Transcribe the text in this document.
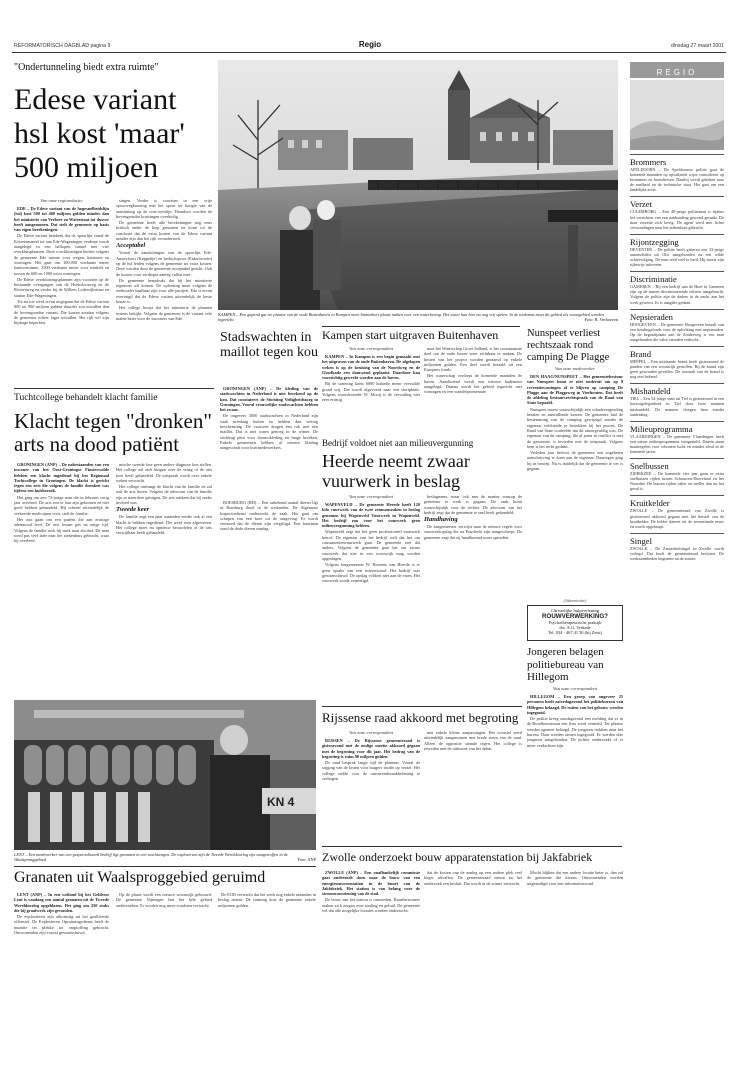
REFORMATORISCH DAGBLAD pagina 9	Regio	dinsdag 27 maart 2001
"Ondertunneling biedt extra ruimte"
Edese variant
hsl kost 'maar'
500 miljoen
Van onze regioredactie

EDE – De Edese variant van de hogesnelheidslijn (hsl) kost 500 tot 400 miljoen gulden minder dan het ministerie van Verkeer en Waterstaat tot dusver heeft aangenomen. Dat stelt de gemeente op basis van eigen berekeningen.

De Edese variant betekent dat de spoorlijn vanaf de Keizersmantel tot aan Ede-Wageningen verdiept wordt aangelegd in een halfopen tunnel met vier overkluisplaatsen. Deze overkluizingen bieden volgens de gemeente Ede ruimte voor wegen, kantoren en woningen. Het gaat om 100.000 vierkante meter kantoorruimte, 2500 vierkante meter voor winkels en tussen de 600 en 1000 extra woningen.

De Edese overkluizingsplannen zijn voorzien op de bestaande overgangen van de Hoekslootweg en de Rivieraweg en verder bij de Willem Lodewijkstraat en station Ede-Wageningen.

Tot nu toe werd ervan uitgegaan dat de Edese variant 800 tot 900 miljoen gulden duurder zou uitvallen dan de bovengrondse variant. Die kosten zouden volgens de gemeente echter lager uitvallen. Het rijk wil zijn bijdrage beperken.

singen. Verder is voorzien in een vrije spoorwegkruising met het spoor ter hoogte van de aansluiting op de oost-westlijn. Daardoor worden de bovengrondse kruisingen overbodig.

De gemeente heeft alle berekeningen nog eens kritisch onder de loep genomen en komt tot de conclusie dat de extra kosten van de Edese variant minder zijn dan het rijk veronderstelt.

Acceptabel

Vooral de aansluitingen van de spoorlijn Ede-Amersfoort (Keppeltje) en bedrijfsspoor (Enka-terrein) op de hsl leiden volgens de gemeente tot extra kosten. Deze worden door de gemeente acceptabel geacht. Ook de kosten voor verdiepte aanleg vallen mee.

De gemeente benadrukt dat hij het ministerie tegemoet wil komen. De oplossing moet volgens de wethouder haalbaar zijn voor alle partijen. Ede is ervan overtuigd dat de Edese variant uiteindelijk de beste keuze is.

Het college hoopt dat het ministerie de plannen serieus bekijkt. Volgens de gemeente is de variant vele malen beter voor de inwoners van Ede.

KAMPEN – Een gapend gat ter plaatse van de oude Buitenhaven in Kampen moet binnenkort plaats maken voor een waterkering. Het water kan hier nu nog vrij spelen. In de toekomst moet dit gebied als woongebied worden ingericht.	Foto: R. Verhoeven
Stadswachten in maillot tegen kou

GRONINGEN (ANP) – De kleding van de stadswachten in Nederland is niet berekend op de kou. Dat constateert de Stichting Veiligheidszorg in Groningen. Vooral vrouwelijke stadswachten hebben het zwaar.

De ongeveer 3000 stadswachten in Nederland zijn vaak urenlang buiten en hebben dan weinig bescherming. De vrouwen dragen een rok met een maillot. Dat is niet warm genoeg in de winter. De stichting pleit voor thermokleding en lange broeken. Enkele gemeenten hebben al nieuwe kleding aangeschaft voor hun medewerkers.

Kampen start uitgraven Buitenhaven
Van onze correspondent

KAMPEN – In Kampen is een begin gemaakt met het uitgraven van de oude Buitenhaven. De afgelopen weken is op de kruising van de Noordweg en de IJsselkade een damwand geplaatst. Daardoor kan voorzichtig gewerkt worden aan de haven.

Bij de sanering komt 6000 kubieke meter vervuilde grond vrij. Die wordt afgevoerd naar een stortplaats. Volgens woordvoerder W. Mooij is de vervuiling niet zeer ernstig.

naar het Waterschap Groot Salland, is het voornaamste doel om de oude haven weer zichtbaar te maken. De kosten van het project worden geraamd op enkele miljoenen gulden. Een deel wordt betaald uit een Europees fonds.

Het waterschap verdiept de komende maanden de haven. Aansluitend wordt een nieuwe kademuur aangelegd. Daarna wordt het gebied ingericht met woningen en een wandelpromenade.

Nunspeet verliest rechtszaak rond camping De Plagge
Van onze medewerker

DEN HAAG/NUNSPEET – Het gemeentebestuur van Nunspeet komt er niet onderuit om op 9 recreatiewoningen af te blijven op camping De Plagge aan de Plaggeweg in Vierhouten. Dat heeft de afdeling bestuursrechtspraak van de Raad van State bepaald.

Nunspeet moest waarschijnlijk een schadevergoeding betalen en aanvullende kosten. De gemeente had de bestemming van de camping gewijzigd zonder de eigenaar voldoende te betrekken bij het proces. De Raad van State oordeelde dat dit onzorgvuldig was. De eigenaar van de camping, die al jaren in conflict is met de gemeente, is tevreden met de uitspraak. Volgens hem is het recht gedaan.

Verleden jaar besloot de gemeente een zogeheten aanschrijving te doen aan de eigenaar. Daartegen ging hij in beroep. Nu is duidelijk dat de gemeente te ver is gegaan.

(Advertentie)
Christelijke hulpverlening
ROUWVERWERKING?
Psychotherapeutische praktijk
drs. A.G. Verkade
Tel. 034 - 467 41 30 (bij Zeist)
Jongeren belagen politiebureau van Hillegom
Van onze correspondent

HILLEGOM – Een groep van ongeveer 25 personen heeft zaterdagavond het politiebureau van Hillegom belaagd. De ruiten van het gebouw werden ingegooid.

De politie kreeg zondagavond een melding dat er in de Rondhoeststraat een fiets werd vernield. Ter plaatse werden agenten belaagd. De jongeren trokken naar het bureau. Daar werden ramen ingegooid. Er werden drie jongeren aangehouden. De politie onderzoekt of er meer verdachten zijn.

Tuchtcollege behandelt klacht familie
Klacht tegen "dronken"
arts na dood patiënt

GRONINGEN (ANP) – De nabestaanden van een inwoner van het Oost-Groningse Finsterwolde hebben een klacht ingediend bij het Regionaal Tuchtcollege in Groningen. De klacht is gericht tegen een arts die volgens de familie dronken was tijdens een huisbezoek.

Het ging om een 72-jarige man die in februari vorig jaar overleed. De arts zou te laat zijn gekomen en niet goed hebben gehandeld. Hij schreef uiteindelijk de verkeerde medicijnen voor, stelt de familie.

Het zou gaan om een patiënt die aan ernstige ademnood leed. De arts kwam pas na enige tijd. Volgens de familie rook hij sterk naar alcohol. De man werd pas veel later naar het ziekenhuis gebracht, waar hij overleed.

mische tweede fase geen andere diagnose kon stellen. Het college zal zich buigen over de vraag of de arts juist heeft gehandeld. De uitspraak wordt over enkele weken verwacht.

Het college ontvangt de klacht van de familie en zal ook de arts horen. Volgens de advocaat van de familie zijn er meerdere getuigen. De arts ontkent dat hij onder invloed was.

Tweede keer

De familie zegt een paar maanden eerder ook al een klacht te hebben ingediend. Die werd toen afgewezen. Het college moet nu opnieuw beoordelen of de arts verwijtbaar heeft gehandeld.

BOESBURG (RD) – Een onbekend aantal dieren ligt in Boesburg dood in de weilanden. De Algemene Inspectiedienst onderzoekt de zaak. Het gaat om schapen van een boer uit de omgeving. Er wordt vermoed dat de dieren zijn vergiftigd. Een buurman vond de dode dieren zondag.

Bedrijf voldoet niet aan milieuvergunning
Heerde neemt zwaar
vuurwerk in beslag
Van onze correspondent

WAPENVELD – De gemeente Heerde heeft 120 kilo vuurwerk van de twee eenmanszaken in beslag genomen bij Wapenveld Vuurwerk in Wapenveld. Het bedrijf zou voor het vuurwerk geen milieuvergunning hebben.

Wapenveld zegt dat het geen professioneel vuurwerk betrof. De eigenaar van het bedrijf stelt dat het om consumentenvuurwerk gaat. De gemeente ziet dat anders. Volgens de gemeente gaat het om zwaar vuurwerk dat niet in een woonwijk mag worden opgeslagen.

Volgens burgemeester W. Hoorens van Heerde is er geen sprake van een misverstand. Het bedrijf was gewaarschuwd. De opslag voldoet niet aan de eisen. Het vuurwerk wordt vernietigd.

beslagname, maar ook met de manier waarop de gemeente te werk is gegaan. De zaak komt waarschijnlijk voor de rechter. De advocaat van het bedrijf zegt dat de gemeente te snel heeft gehandeld.

Handhaving

De burgemeester verwijst naar de nieuwe regels voor vuurwerkopslag die na Enschede zijn aangescherpt. De gemeente zegt dat zij handhavend moet optreden.

KN 4
LENT – Een medewerker van een gespecialiseerd bedrijf ligt granaten in een wachtwagen. De explosieven zijn de Tweede Wereldoorlog zijn aangetroffen in de Waalspronggebied.	Foto: ANP
Rijssense raad akkoord met begroting
Van onze correspondent

RIJSSEN – De Rijssense gemeenteraad is gisteravond met de nodige moeite akkoord gegaan met de begroting voor dit jaar. Het bedrag van de begroting is ruim 90 miljoen gulden.

De raad besprak lange tijd de plannen. Vooral de stijging van de lasten voor burgers stuitte op verzet. Het college stelde voor de onroerendezaakbelasting te verhogen.

met enkele kleine aanpassingen. Het voorstel werd uiteindelijk aangenomen met brede steun van de raad. Alleen de oppositie stemde tegen. Het college is tevreden met de uitkomst van het debat.

Zwolle onderzoekt bouw apparatenstation bij Jakfabriek

ZWOLLE (ANP) – Een onafhankelijk commissie gaat onderzoek doen naar de bouw van een energieomvormstation in de buurt van de Jakfabriek. Het station is van belang voor de stroomvoorziening van de stad.

De bouw van het station is omstreden. Buurtbewoners maken zich zorgen over straling en geluid. De gemeente wil dat alle mogelijke locaties worden onderzocht.

dat de kosten van de aanleg op een andere plek veel hoger uitvallen. De gemeenteraad neemt na het onderzoek een besluit. Dat wordt in de zomer verwacht.

Mocht blijken dat een andere locatie beter is, dan zal de gemeente die kiezen. Omwonenden worden uitgenodigd voor een informatieavond.

Granaten uit Waalsproggebied geruimd

LENT (ANP) – In een weiland bij het Gelderse Lent is vandaag een aantal granaten uit de Tweede Wereldoorlog opgeblazen. Het ging om 250 stuks die bij graafwerk zijn gevonden.

De explosieven zijn afkomstig uit het geallieerde offensief. De Explosieven Opruimingsdienst heeft de munitie ter plekke tot ontploffing gebracht. Omwonenden zijn vooraf gewaarschuwd.

Op de plaats wordt een nieuwe woonwijk gebouwd. De gemeente Nijmegen laat het hele gebied onderzoeken. Er worden nog meer vondsten verwacht.

De EOD verwacht dat het werk nog enkele maanden in beslag neemt. De ruiming kost de gemeente enkele miljoenen gulden.

REGIO
Brommers
APELDOORN – De Apeldoornse politie gaat de komende maanden op opvallende wijze controleren op brommers en bromfietsen. Daarbij wordt gekeken naar de snelheid en de technische staat. Het gaat om een landelijke actie.
Verzet
CULEMBORG – Een 40-jarige politieman is tijdens het verrichten van een aanhouding gewond geraakt. De man verzette zich hevig. De agent werd met lichte verwondingen naar het ziekenhuis gebracht.
Rijontzegging
DEVENTER – De politie heeft gisteren een 33-jarige automobilist uit Olst aangehouden na een wilde achtervolging. De man reed veel te hard. Hij moest zijn rijbewijs inleveren.
Discriminatie
GAMEREN – Bij een bedrijf aan de Hoef in Gameren zijn op de muren discriminerende teksten aangebracht. Volgens de politie zijn de daders in de nacht aan het werk geweest. Er is aangifte gedaan.
Nepsieraden
HOOGEVEEN – De gemeente Hoogeveen betaalt van een betalingsfonds voor de oplichting met nepsieraden. Op de begraafplaats aan de Zuiderweg is een man aangehouden die valse sieraden verkocht.
Brand
MEPPEL – Een uitslaande brand heeft gisteravond de panden van een woonwijk getroffen. Bij de brand zijn geen gewonden gevallen. De oorzaak van de brand is nog niet bekend.
Mishandeld
TIEL – Een 54-jarige man uit Tiel is gisteravond in een horecagelegenheid in Tiel door twee mannen mishandeld. De mannen sloegen hem zonder aanleiding.
Milieuprogramma
VLAARDINGEN – De gemeente Vlaardingen heeft een nieuw milieuprogramma vastgesteld. Daarin staan maatregelen voor schonere lucht en minder afval in de komende jaren.
Snelbussen
ZIERIKZEE – De komende vier jaar gaan er extra snelbussen rijden tussen Schouwen-Duiveland en het Noorden. De bussen rijden vaker en sneller dan nu het geval is.
Kruitkelder
ZWOLLE – De gemeenteraad van Zwolle is gisteravond akkoord gegaan met het herstel van de kruitkelder. De kelder dateert uit de zeventiende eeuw en wordt opgeknapt.
Singel
ZWOLLE – De Zamenhofsingel in Zwolle wordt verlegd. Dat heeft de gemeenteraad besloten. De werkzaamheden beginnen na de zomer.
